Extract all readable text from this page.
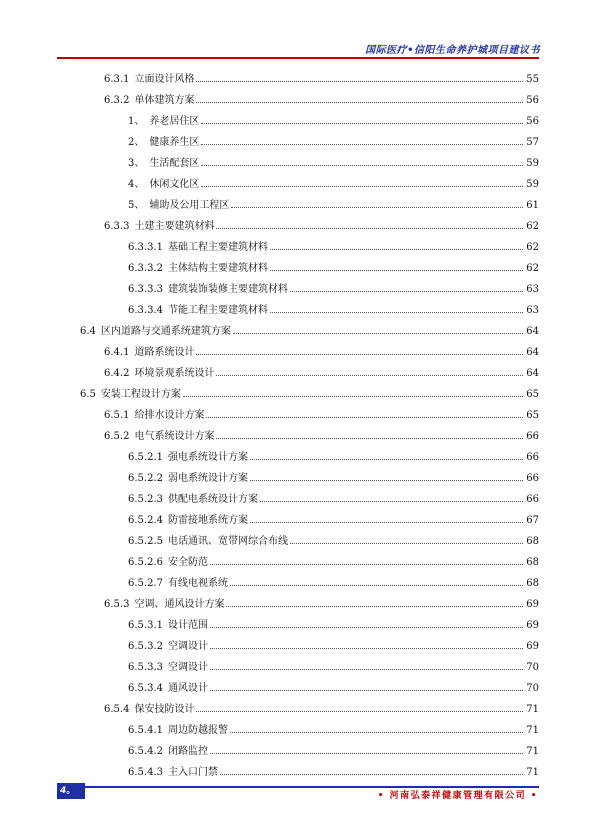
国际医疗•信阳生命养护城项目建议书
6.3.1 立面设计风格	55
6.3.2 单体建筑方案	56
1、 养老居住区	56
2、 健康养生区	57
3、 生活配套区	59
4、 休闲文化区	59
5、 辅助及公用工程区	61
6.3.3 土建主要建筑材料	62
6.3.3.1 基础工程主要建筑材料	62
6.3.3.2 主体结构主要建筑材料	62
6.3.3.3 建筑装饰装修主要建筑材料	63
6.3.3.4 节能工程主要建筑材料	63
6.4 区内道路与交通系统建筑方案	64
6.4.1 道路系统设计	64
6.4.2 环境景观系统设计	64
6.5 安装工程设计方案	65
6.5.1 给排水设计方案	65
6.5.2 电气系统设计方案	66
6.5.2.1 强电系统设计方案	66
6.5.2.2 弱电系统设计方案	66
6.5.2.3 供配电系统设计方案	66
6.5.2.4 防雷接地系统方案	67
6.5.2.5 电话通讯、宽带网综合布线	68
6.5.2.6 安全防范	68
6.5.2.7 有线电视系统	68
6.5.3 空调、通风设计方案	69
6.5.3.1 设计范围	69
6.5.3.2 空调设计	69
6.5.3.3 空调设计	70
6.5.3.4 通风设计	70
6.5.4 保安技防设计	71
6.5.4.1 周边防越报警	71
6.5.4.2 闭路监控	71
6.5.4.3 主入口门禁	71
4。	• 河南弘泰祥健康管理有限公司 •
